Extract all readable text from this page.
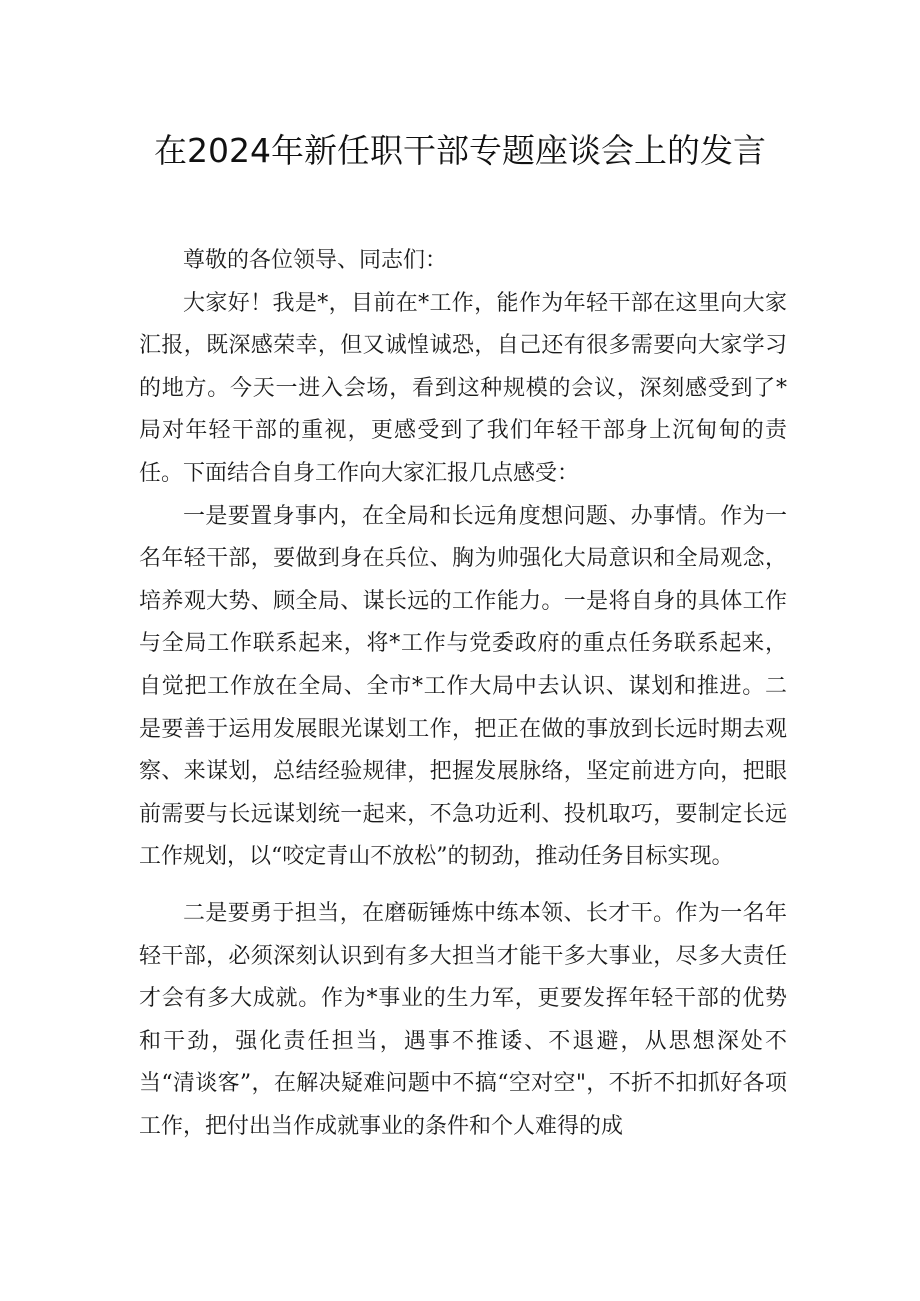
在2024年新任职干部专题座谈会上的发言

尊敬的各位领导、同志们：

大家好！我是*，目前在*工作，能作为年轻干部在这里向大家汇报，既深感荣幸，但又诚惶诚恐，自己还有很多需要向大家学习的地方。今天一进入会场，看到这种规模的会议，深刻感受到了*局对年轻干部的重视，更感受到了我们年轻干部身上沉甸甸的责任。下面结合自身工作向大家汇报几点感受：

一是要置身事内，在全局和长远角度想问题、办事情。作为一名年轻干部，要做到身在兵位、胸为帅强化大局意识和全局观念，培养观大势、顾全局、谋长远的工作能力。一是将自身的具体工作与全局工作联系起来，将*工作与党委政府的重点任务联系起来，自觉把工作放在全局、全市*工作大局中去认识、谋划和推进。二是要善于运用发展眼光谋划工作，把正在做的事放到长远时期去观察、来谋划，总结经验规律，把握发展脉络，坚定前进方向，把眼前需要与长远谋划统一起来，不急功近利、投机取巧，要制定长远工作规划，以“咬定青山不放松”的韧劲，推动任务目标实现。

二是要勇于担当，在磨砺锤炼中练本领、长才干。作为一名年轻干部，必须深刻认识到有多大担当才能干多大事业，尽多大责任才会有多大成就。作为*事业的生力军，更要发挥年轻干部的优势和干劲，强化责任担当，遇事不推诿、不退避，从思想深处不当“清谈客”，在解决疑难问题中不搞“空对空"，不折不扣抓好各项工作，把付出当作成就事业的条件和个人难得的成
